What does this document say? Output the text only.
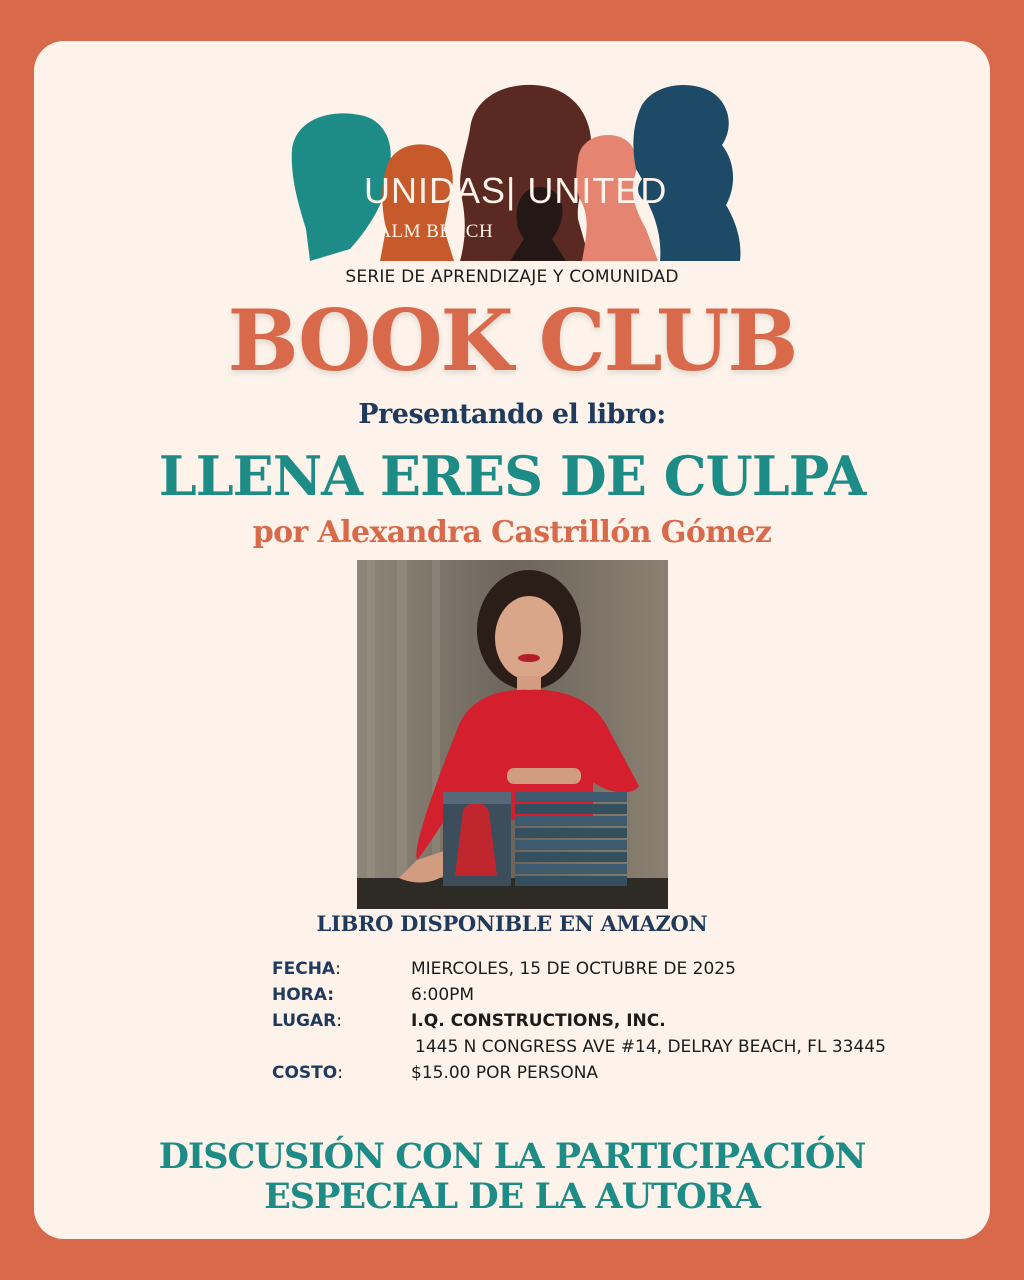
UNIDAS| UNITED
PALM BEACH
SERIE DE APRENDIZAJE Y COMUNIDAD
BOOK CLUB
Presentando el libro:
LLENA ERES DE CULPA
por Alexandra Castrillón Gómez
LIBRO DISPONIBLE EN AMAZON
FECHA:	MIERCOLES, 15 DE OCTUBRE DE 2025
HORA:	6:00PM
LUGAR:	I.Q. CONSTRUCTIONS, INC.
1445 N CONGRESS AVE #14, DELRAY BEACH, FL 33445
COSTO:	$15.00 POR PERSONA
DISCUSIÓN CON LA PARTICIPACIÓN
ESPECIAL DE LA AUTORA
